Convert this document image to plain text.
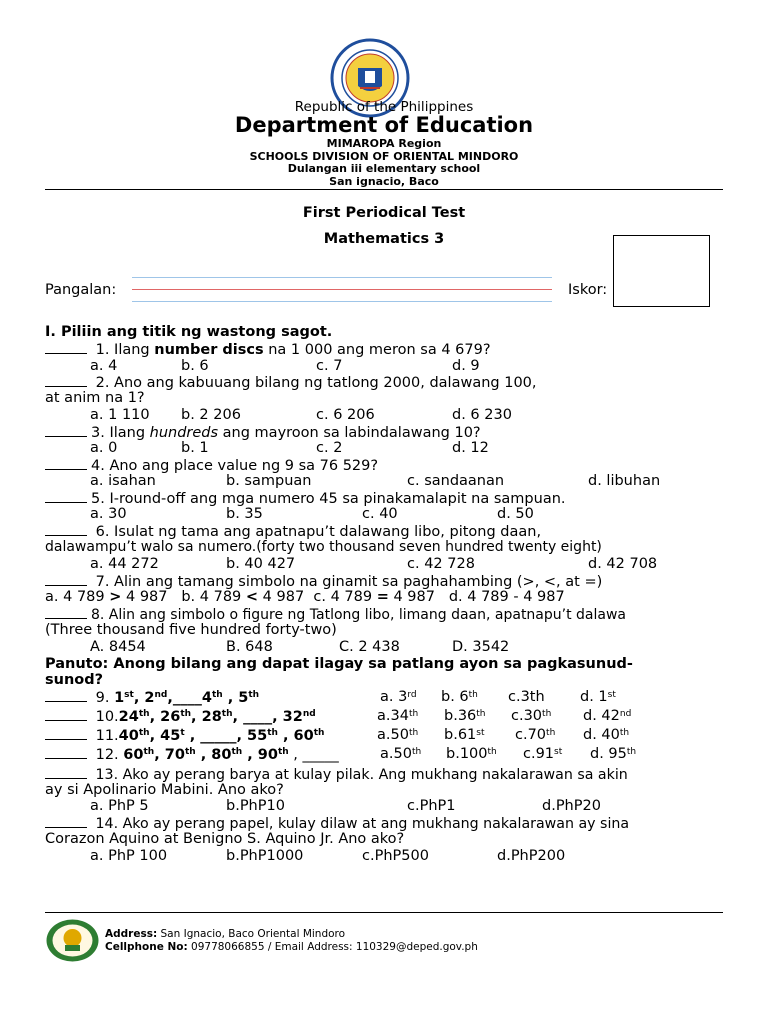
Republic of the Philippines
Department of Education
MIMAROPA Region
SCHOOLS DIVISION OF ORIENTAL MINDORO
Dulangan iii elementary school
San ignacio, Baco
First Periodical Test
Mathematics 3
Pangalan:	Iskor:
I. Piliin ang titik ng wastong sagot.
1. Ilang number discs na 1 000 ang meron sa 4 679?
a. 4	b. 6	c. 7	d. 9
2. Ano ang kabuuang bilang ng tatlong 2000, dalawang 100,
at anim na 1?
a. 1 110 b. 2 206	c. 6 206	d. 6 230
3. Ilang hundreds ang mayroon sa labindalawang 10?
a. 0	b. 1	c. 2	d. 12
4. Ano ang place value ng 9 sa 76 529?
a. isahan	b. sampuan	c. sandaanan	d. libuhan
5. I-round-off ang mga numero 45 sa pinakamalapit na sampuan.
a. 30	b. 35	c. 40	d. 50
6. Isulat ng tama ang apatnapu’t dalawang libo, pitong daan,
dalawampu’t walo sa numero.(forty two thousand seven hundred twenty eight)
a. 44 272	b. 40 427	c. 42 728	d. 42 708
7. Alin ang tamang simbolo na ginamit sa paghahambing (>, <, at =)
a. 4 789 > 4 987 b. 4 789 < 4 987 c. 4 789 = 4 987 d. 4 789 - 4 987
8. Alin ang simbolo o figure ng Tatlong libo, limang daan, apatnapu’t dalawa
(Three thousand five hundred forty-two)
A. 8454	B. 648	C. 2 438	D. 3542
Panuto: Anong bilang ang dapat ilagay sa patlang ayon sa pagkasunud-
sunod?
9. 1st, 2nd,____4th , 5th	a. 3rd b. 6th c.3th d. 1st
10.24th, 26th, 28th, ____, 32nd	a.34th b.36th c.30th d. 42nd
11.40th, 45$^t$ , _____, 55th , 60th	a.50th b.61st c.70th d. 40th
12. 60th, 70th , 80th , 90th , _____	a.50th b.100th c.91st d. 95th
13. Ako ay perang barya at kulay pilak. Ang mukhang nakalarawan sa akin
ay si Apolinario Mabini. Ano ako?
a. PhP 5	b.PhP10	c.PhP1	d.PhP20
14. Ako ay perang papel, kulay dilaw at ang mukhang nakalarawan ay sina
Corazon Aquino at Benigno S. Aquino Jr. Ano ako?
a. PhP 100	b.PhP1000	c.PhP500	d.PhP200
Address: San Ignacio, Baco Oriental Mindoro
Cellphone No: 09778066855 / Email Address: 110329@deped.gov.ph
